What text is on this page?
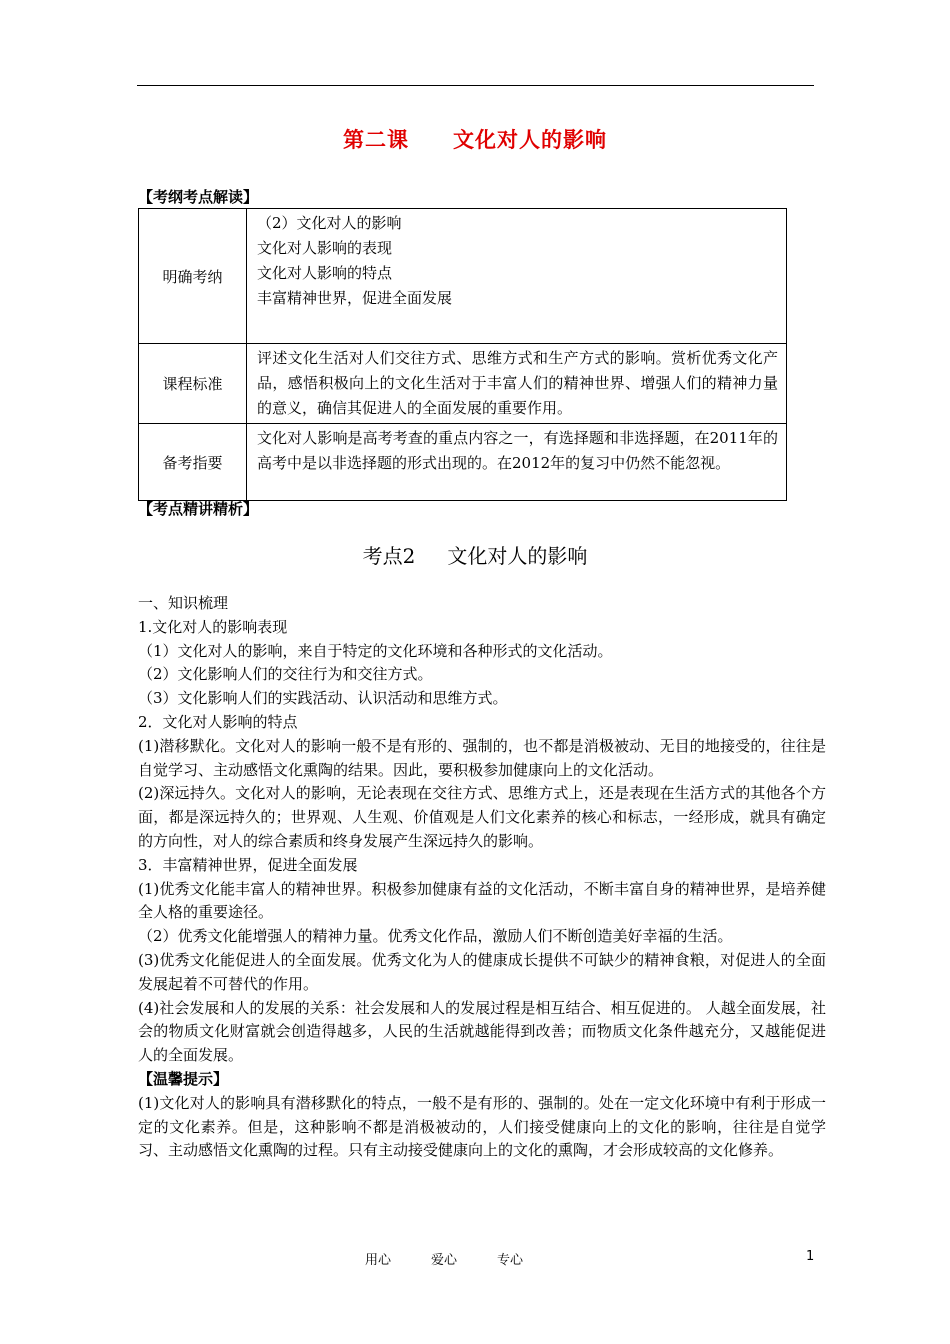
第二课 文化对人的影响
【考纲考点解读】
明确考纳	（2）文化对人的影响
文化对人影响的表现
文化对人影响的特点
丰富精神世界，促进全面发展

课程标准	评述文化生活对人们交往方式、思维方式和生产方式的影响。赏析优秀文化产品，感悟积极向上的文化生活对于丰富人们的精神世界、增强人们的精神力量的意义，确信其促进人的全面发展的重要作用。
备考指要	文化对人影响是高考考查的重点内容之一，有选择题和非选择题，在2011年的高考中是以非选择题的形式出现的。在2012年的复习中仍然不能忽视。
【考点精讲精析】
考点2 文化对人的影响

一、知识梳理

1.文化对人的影响表现

（1）文化对人的影响，来自于特定的文化环境和各种形式的文化活动。

（2）文化影响人们的交往行为和交往方式。

（3）文化影响人们的实践活动、认识活动和思维方式。

2．文化对人影响的特点

(1)潜移默化。文化对人的影响一般不是有形的、强制的，也不都是消极被动、无目的地接受的，往往是自觉学习、主动感悟文化熏陶的结果。因此，要积极参加健康向上的文化活动。

(2)深远持久。文化对人的影响，无论表现在交往方式、思维方式上，还是表现在生活方式的其他各个方面，都是深远持久的；世界观、人生观、价值观是人们文化素养的核心和标志，一经形成，就具有确定的方向性，对人的综合素质和终身发展产生深远持久的影响。

3．丰富精神世界，促进全面发展

(1)优秀文化能丰富人的精神世界。积极参加健康有益的文化活动，不断丰富自身的精神世界，是培养健全人格的重要途径。

（2）优秀文化能增强人的精神力量。优秀文化作品，激励人们不断创造美好幸福的生活。

(3)优秀文化能促进人的全面发展。优秀文化为人的健康成长提供不可缺少的精神食粮，对促进人的全面发展起着不可替代的作用。

(4)社会发展和人的发展的关系：社会发展和人的发展过程是相互结合、相互促进的。 人越全面发展，社会的物质文化财富就会创造得越多，人民的生活就越能得到改善；而物质文化条件越充分，又越能促进人的全面发展。

【温馨提示】

(1)文化对人的影响具有潜移默化的特点，一般不是有形的、强制的。处在一定文化环境中有利于形成一定的文化素养。但是，这种影响不都是消极被动的，人们接受健康向上的文化的影响，往往是自觉学习、主动感悟文化熏陶的过程。只有主动接受健康向上的文化的熏陶，才会形成较高的文化修养。

用心	爱心	专心	1
